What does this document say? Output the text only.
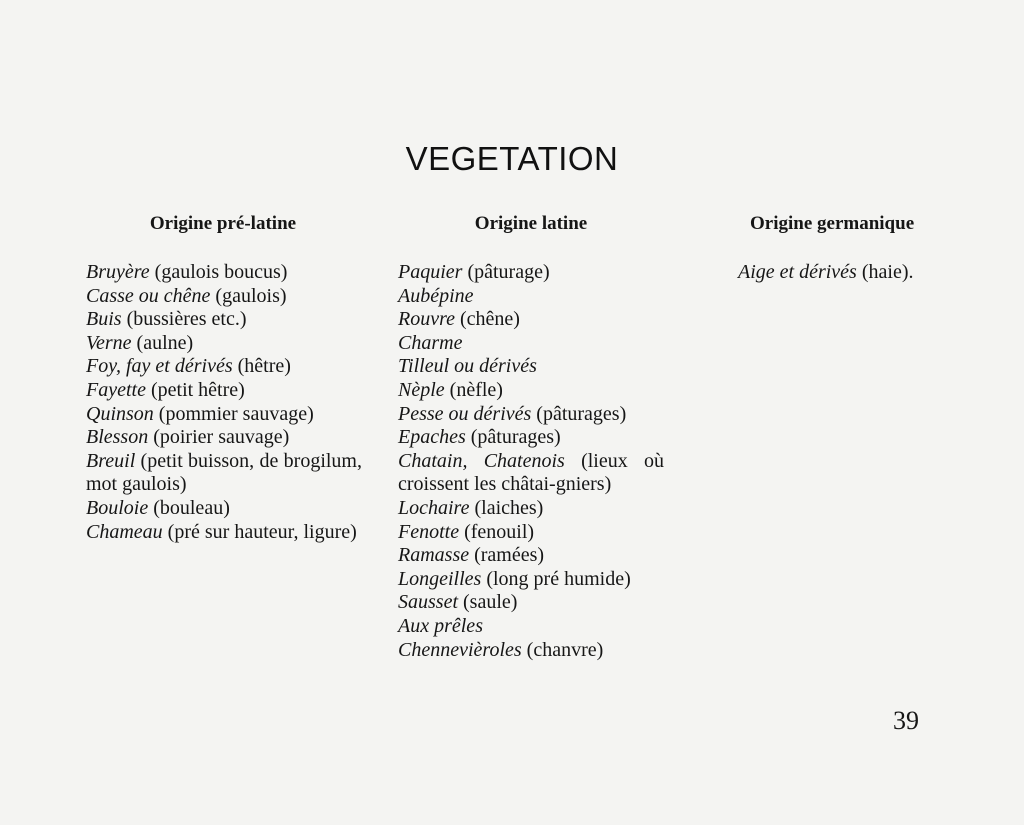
VEGETATION
Origine pré-latine
Bruyère (gaulois boucus)
Casse ou chêne (gaulois)
Buis (bussières etc.)
Verne (aulne)
Foy, fay et dérivés (hêtre)
Fayette (petit hêtre)
Quinson (pommier sauvage)
Blesson (poirier sauvage)
Breuil (petit buisson, de brogilum, mot gaulois)
Bouloie (bouleau)
Chameau (pré sur hauteur, ligure)
Origine latine
Paquier (pâturage)
Aubépine
Rouvre (chêne)
Charme
Tilleul ou dérivés
Nèple (nèfle)
Pesse ou dérivés (pâturages)
Epaches (pâturages)
Chatain, Chatenois (lieux où croissent les châtai-gniers)
Lochaire (laiches)
Fenotte (fenouil)
Ramasse (ramées)
Longeilles (long pré humide)
Sausset (saule)
Aux prêles
Chennevièroles (chanvre)
Origine germanique
Aige et dérivés (haie).
39
